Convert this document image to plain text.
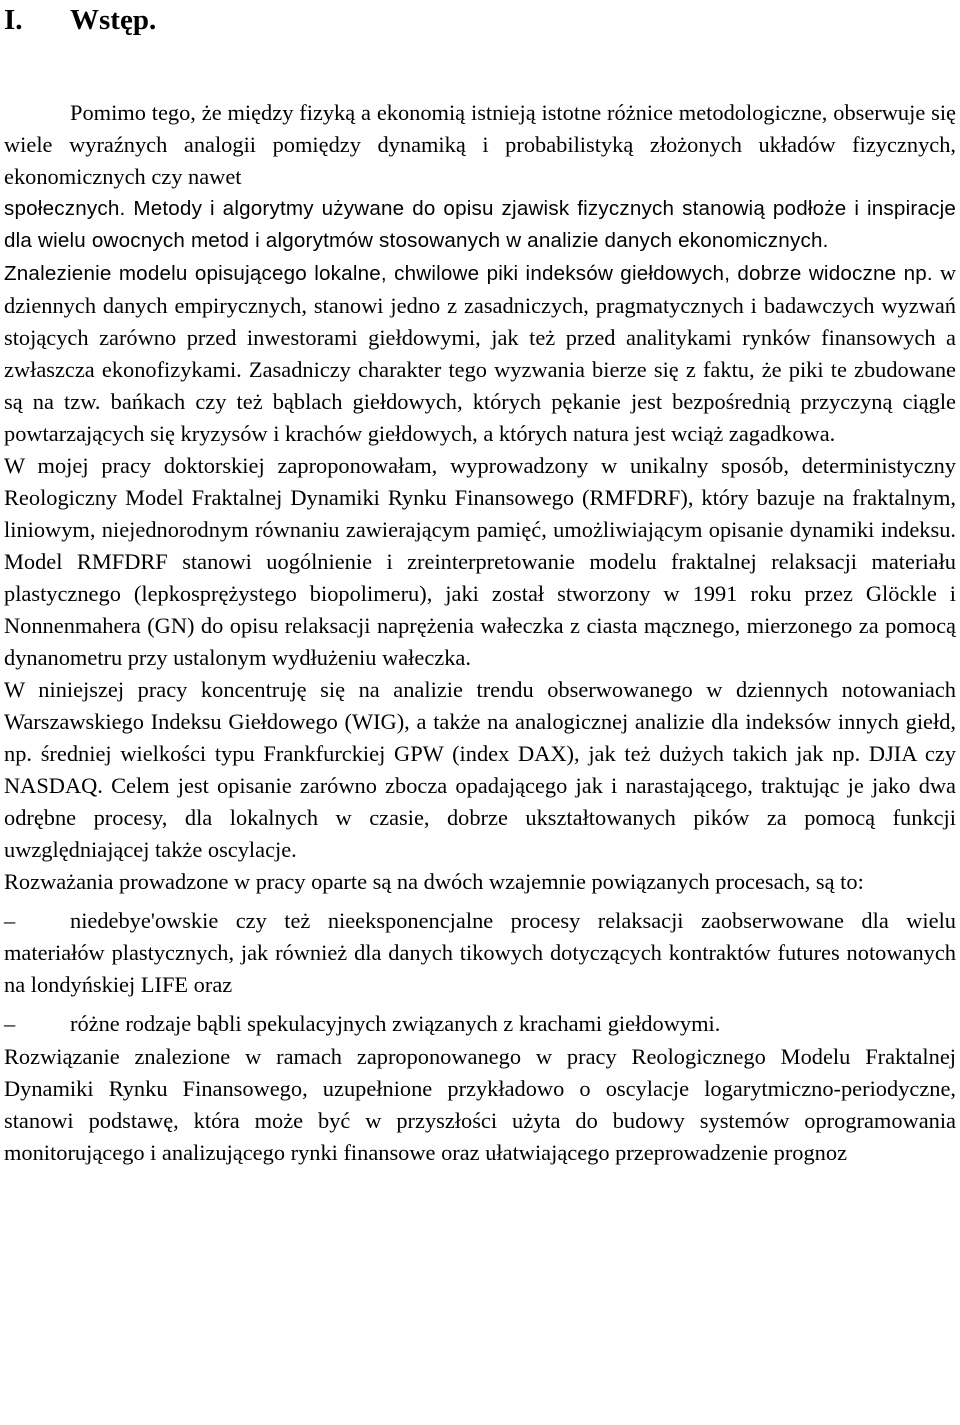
I. Wstęp.

Pomimo tego, że między fizyką a ekonomią istnieją istotne różnice metodologiczne, obserwuje się wiele wyraźnych analogii pomiędzy dynamiką i probabilistyką złożonych układów fizycznych, ekonomicznych czy nawet

społecznych. Metody i algorytmy używane do opisu zjawisk fizycznych stanowią podłoże i inspiracje dla wielu owocnych metod i algorytmów stosowanych w analizie danych ekonomicznych.

Znalezienie modelu opisującego lokalne, chwilowe piki indeksów giełdowych, dobrze widoczne np. w dziennych danych empirycznych, stanowi jedno z zasadniczych, pragmatycznych i badawczych wyzwań stojących zarówno przed inwestorami giełdowymi, jak też przed analitykami rynków finansowych a zwłaszcza ekonofizykami. Zasadniczy charakter tego wyzwania bierze się z faktu, że piki te zbudowane są na tzw. bańkach czy też bąblach giełdowych, których pękanie jest bezpośrednią przyczyną ciągle powtarzających się kryzysów i krachów giełdowych, a których natura jest wciąż zagadkowa.

W mojej pracy doktorskiej zaproponowałam, wyprowadzony w unikalny sposób, deterministyczny Reologiczny Model Fraktalnej Dynamiki Rynku Finansowego (RMFDRF), który bazuje na fraktalnym, liniowym, niejednorodnym równaniu zawierającym pamięć, umożliwiającym opisanie dynamiki indeksu. Model RMFDRF stanowi uogólnienie i zreinterpretowanie modelu fraktalnej relaksacji materiału plastycznego (lepkosprężystego biopolimeru), jaki został stworzony w 1991 roku przez Glöckle i Nonnenmahera (GN) do opisu relaksacji naprężenia wałeczka z ciasta mącznego, mierzonego za pomocą dynanometru przy ustalonym wydłużeniu wałeczka.

W niniejszej pracy koncentruję się na analizie trendu obserwowanego w dziennych notowaniach Warszawskiego Indeksu Giełdowego (WIG), a także na analogicznej analizie dla indeksów innych giełd, np. średniej wielkości typu Frankfurckiej GPW (index DAX), jak też dużych takich jak np. DJIA czy NASDAQ. Celem jest opisanie zarówno zbocza opadającego jak i narastającego, traktując je jako dwa odrębne procesy, dla lokalnych w czasie, dobrze ukształtowanych pików za pomocą funkcji uwzględniającej także oscylacje.

Rozważania prowadzone w pracy oparte są na dwóch wzajemnie powiązanych procesach, są to:

– niedebye'owskie czy też nieeksponencjalne procesy relaksacji zaobserwowane dla wielu materiałów plastycznych, jak również dla danych tikowych dotyczących kontraktów futures notowanych na londyńskiej LIFE oraz

– różne rodzaje bąbli spekulacyjnych związanych z krachami giełdowymi.

Rozwiązanie znalezione w ramach zaproponowanego w pracy Reologicznego Modelu Fraktalnej Dynamiki Rynku Finansowego, uzupełnione przykładowo o oscylacje logarytmiczno-periodyczne, stanowi podstawę, która może być w przyszłości użyta do budowy systemów oprogramowania monitorującego i analizującego rynki finansowe oraz ułatwiającego przeprowadzenie prognoz
